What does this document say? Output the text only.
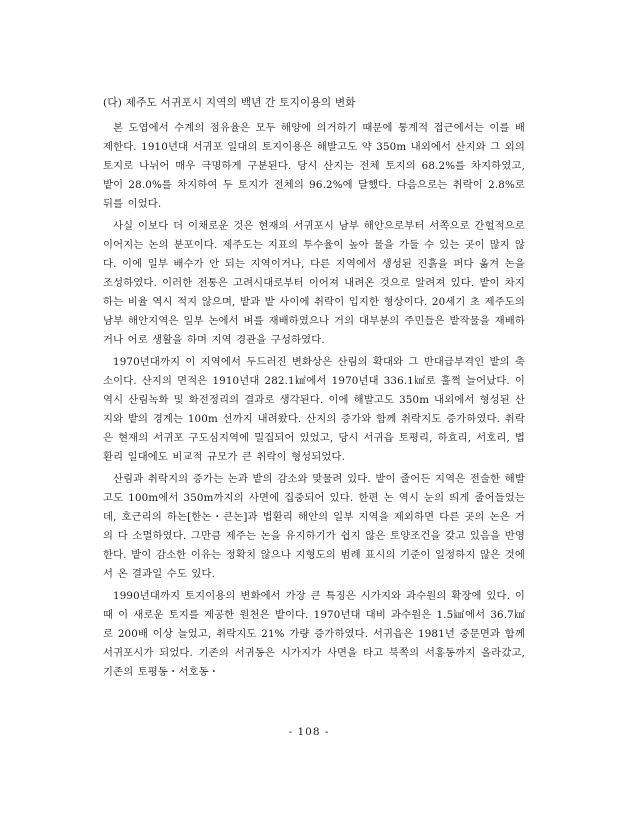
(다) 제주도 서귀포시 지역의 백년 간 토지이용의 변화

본 도엽에서 수계의 점유율은 모두 해양에 의거하기 때문에 통계적 접근에서는 이를 배제한다. 1910년대 서귀포 일대의 토지이용은 해발고도 약 350m 내외에서 산지와 그 외의 토지로 나뉘어 매우 극명하게 구분된다. 당시 산지는 전체 토지의 68.2%를 차지하였고, 밭이 28.0%를 차지하여 두 토지가 전체의 96.2%에 달했다. 다음으로는 취락이 2.8%로 뒤를 이었다.

사실 이보다 더 이채로운 것은 현재의 서귀포시 남부 해안으로부터 서쪽으로 간헐적으로 이어지는 논의 분포이다. 제주도는 지표의 투수율이 높아 물을 가둘 수 있는 곳이 많지 않다. 이에 일부 배수가 안 되는 지역이거나, 다른 지역에서 생성된 진흙을 퍼다 옮겨 논을 조성하였다. 이러한 전통은 고려시대로부터 이어져 내려온 것으로 알려져 있다. 밭이 차지하는 비율 역시 적지 않으며, 밭과 밭 사이에 취락이 입지한 형상이다. 20세기 초 제주도의 남부 해안지역은 일부 논에서 벼를 재배하였으나 거의 대부분의 주민들은 밭작물을 재배하거나 어로 생활을 하며 지역 경관을 구성하였다.

1970년대까지 이 지역에서 두드러진 변화상은 산림의 확대와 그 반대급부격인 밭의 축소이다. 산지의 면적은 1910년대 282.1㎢에서 1970년대 336.1㎢로 훌쩍 늘어났다. 이 역시 산림녹화 및 화전정리의 결과로 생각된다. 이에 해발고도 350m 내외에서 형성된 산지와 밭의 경계는 100m 선까지 내려왔다. 산지의 증가와 함께 취락지도 증가하였다. 취락은 현재의 서귀포 구도심지역에 밀집되어 있었고, 당시 서귀읍 토평리, 하효리, 서호리, 법환리 일대에도 비교적 규모가 큰 취락이 형성되었다.

산림과 취락지의 증가는 논과 밭의 감소와 맞물려 있다. 밭이 줄어든 지역은 전술한 해발고도 100m에서 350m까지의 사면에 집중되어 있다. 한편 논 역시 눈의 띄게 줄어들었는데, 호근리의 하논[한논・큰논]과 법환리 해안의 일부 지역을 제외하면 다른 곳의 논은 거의 다 소멸하였다. 그만큼 제주는 논을 유지하기가 쉽지 않은 토양조건을 갖고 있음을 반영한다. 밭이 감소한 이유는 정확치 않으나 지형도의 범례 표시의 기준이 일정하지 않은 것에서 온 결과일 수도 있다.

1990년대까지 토지이용의 변화에서 가장 큰 특징은 시가지와 과수원의 확장에 있다. 이때 이 새로운 토지를 제공한 원천은 밭이다. 1970년대 대비 과수원은 1.5㎢에서 36.7㎢로 200배 이상 늘었고, 취락지도 21% 가량 증가하였다. 서귀읍은 1981년 중문면과 함께 서귀포시가 되었다. 기존의 서귀동은 시가지가 사면을 타고 북쪽의 서홍동까지 올라갔고, 기존의 토평동・서호동・

- 108 -
